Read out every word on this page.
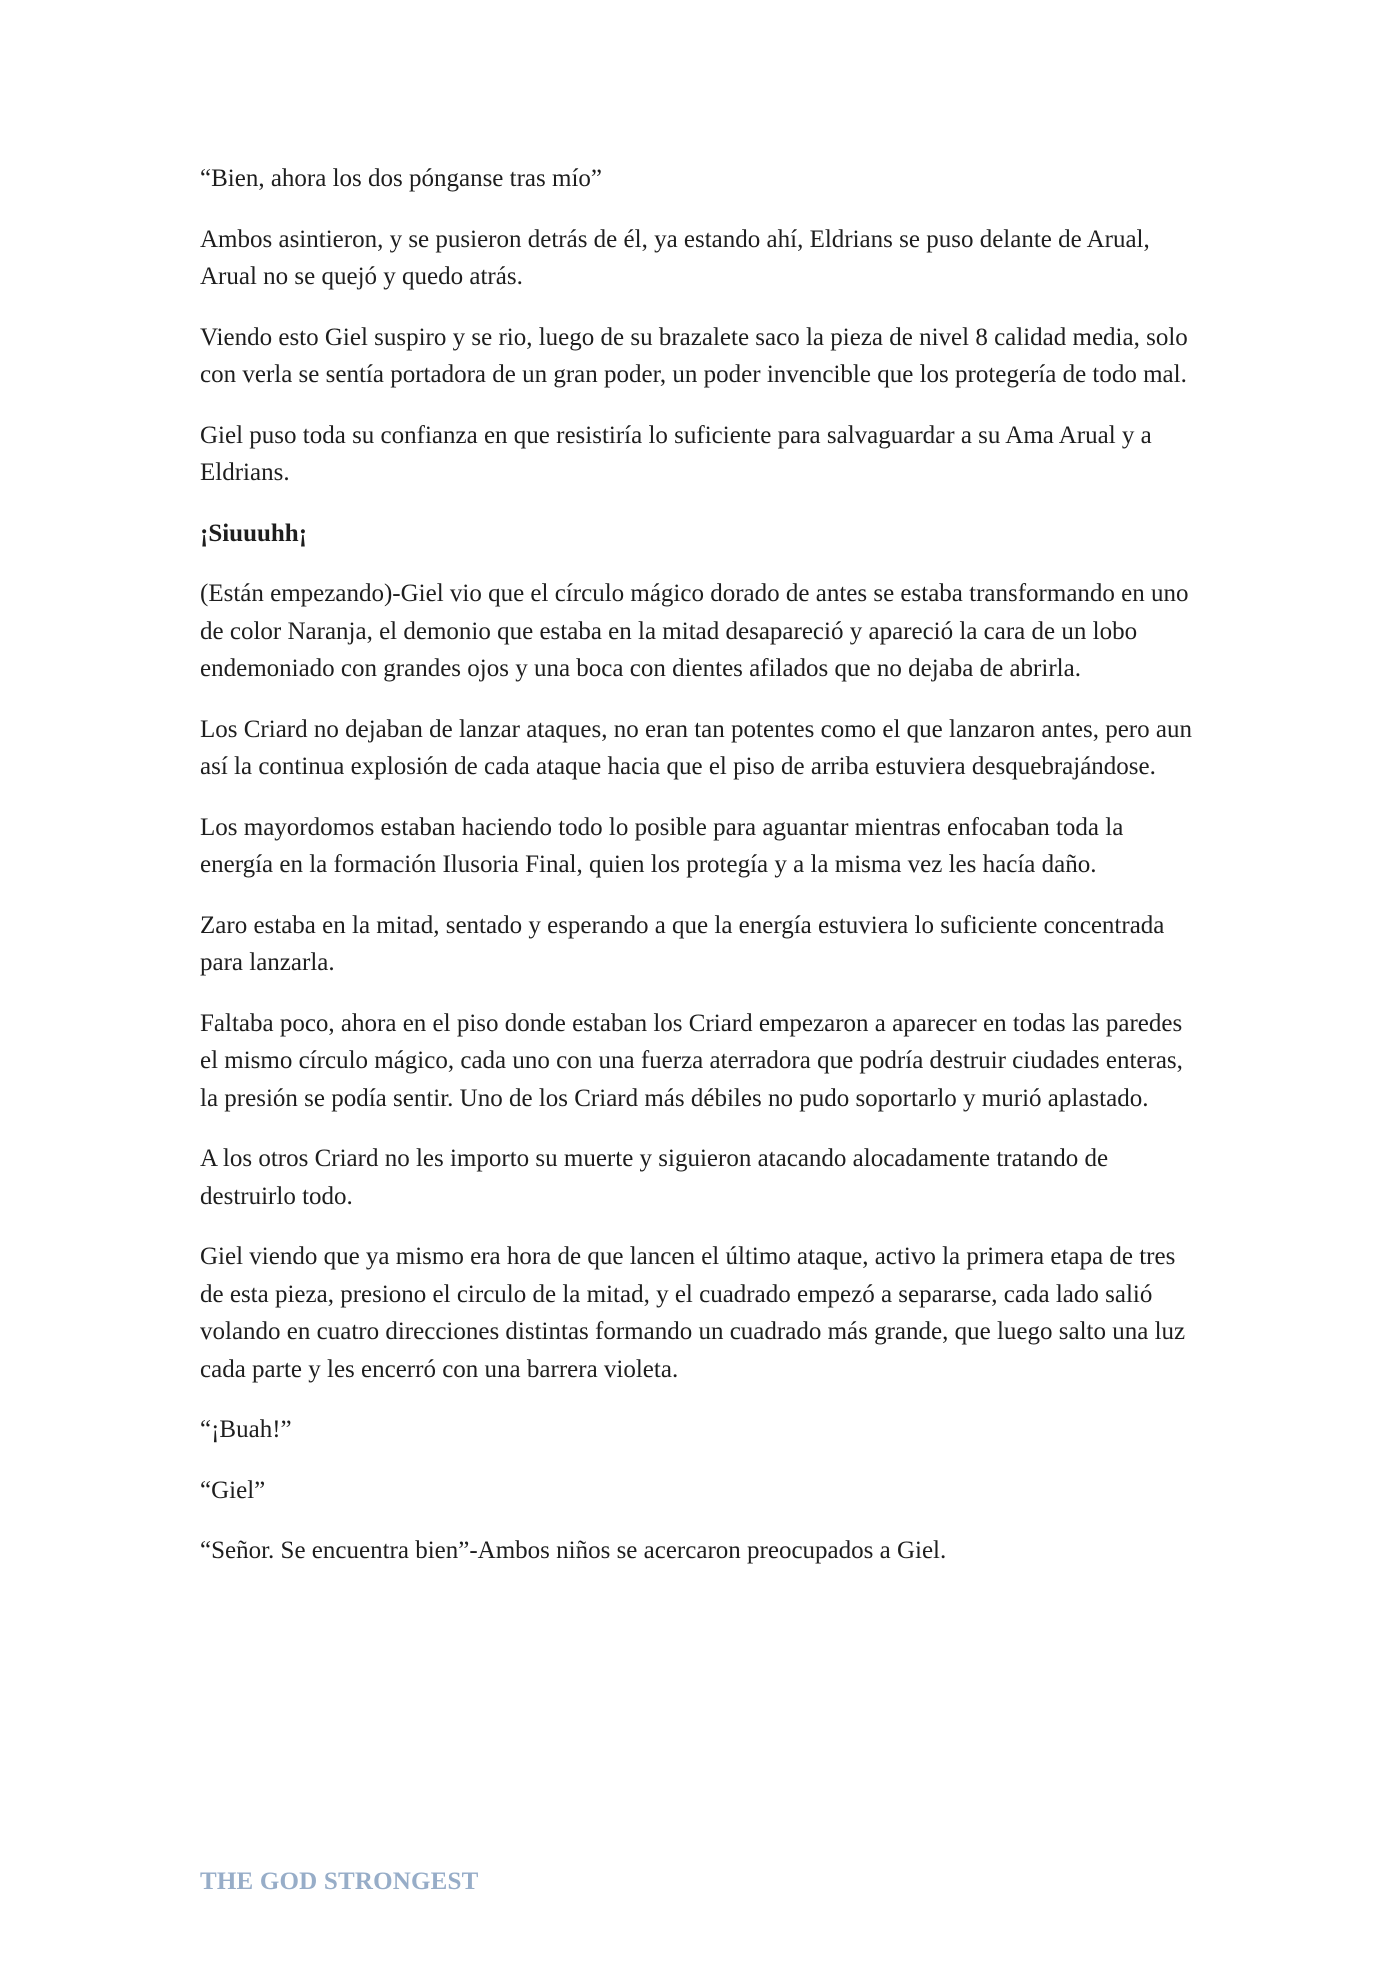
“Bien, ahora los dos pónganse tras mío”

Ambos asintieron, y se pusieron detrás de él, ya estando ahí, Eldrians se puso delante de Arual, Arual no se quejó y quedo atrás.

Viendo esto Giel suspiro y se rio, luego de su brazalete saco la pieza de nivel 8 calidad media, solo con verla se sentía portadora de un gran poder, un poder invencible que los protegería de todo mal.

Giel puso toda su confianza en que resistiría lo suficiente para salvaguardar a su Ama Arual y a Eldrians.

¡Siuuuhh¡

(Están empezando)-Giel vio que el círculo mágico dorado de antes se estaba transformando en uno de color Naranja, el demonio que estaba en la mitad desapareció y apareció la cara de un lobo endemoniado con grandes ojos y una boca con dientes afilados que no dejaba de abrirla.

Los Criard no dejaban de lanzar ataques, no eran tan potentes como el que lanzaron antes, pero aun así la continua explosión de cada ataque hacia que el piso de arriba estuviera desquebrajándose.

Los mayordomos estaban haciendo todo lo posible para aguantar mientras enfocaban toda la energía en la formación Ilusoria Final, quien los protegía y a la misma vez les hacía daño.

Zaro estaba en la mitad, sentado y esperando a que la energía estuviera lo suficiente concentrada para lanzarla.

Faltaba poco, ahora en el piso donde estaban los Criard empezaron a aparecer en todas las paredes el mismo círculo mágico, cada uno con una fuerza aterradora que podría destruir ciudades enteras, la presión se podía sentir. Uno de los Criard más débiles no pudo soportarlo y murió aplastado.

A los otros Criard no les importo su muerte y siguieron atacando alocadamente tratando de destruirlo todo.

Giel viendo que ya mismo era hora de que lancen el último ataque, activo la primera etapa de tres de esta pieza, presiono el circulo de la mitad, y el cuadrado empezó a separarse, cada lado salió volando en cuatro direcciones distintas formando un cuadrado más grande, que luego salto una luz cada parte y les encerró con una barrera violeta.

“¡Buah!”

“Giel”

“Señor. Se encuentra bien”-Ambos niños se acercaron preocupados a Giel.

THE GOD STRONGEST
